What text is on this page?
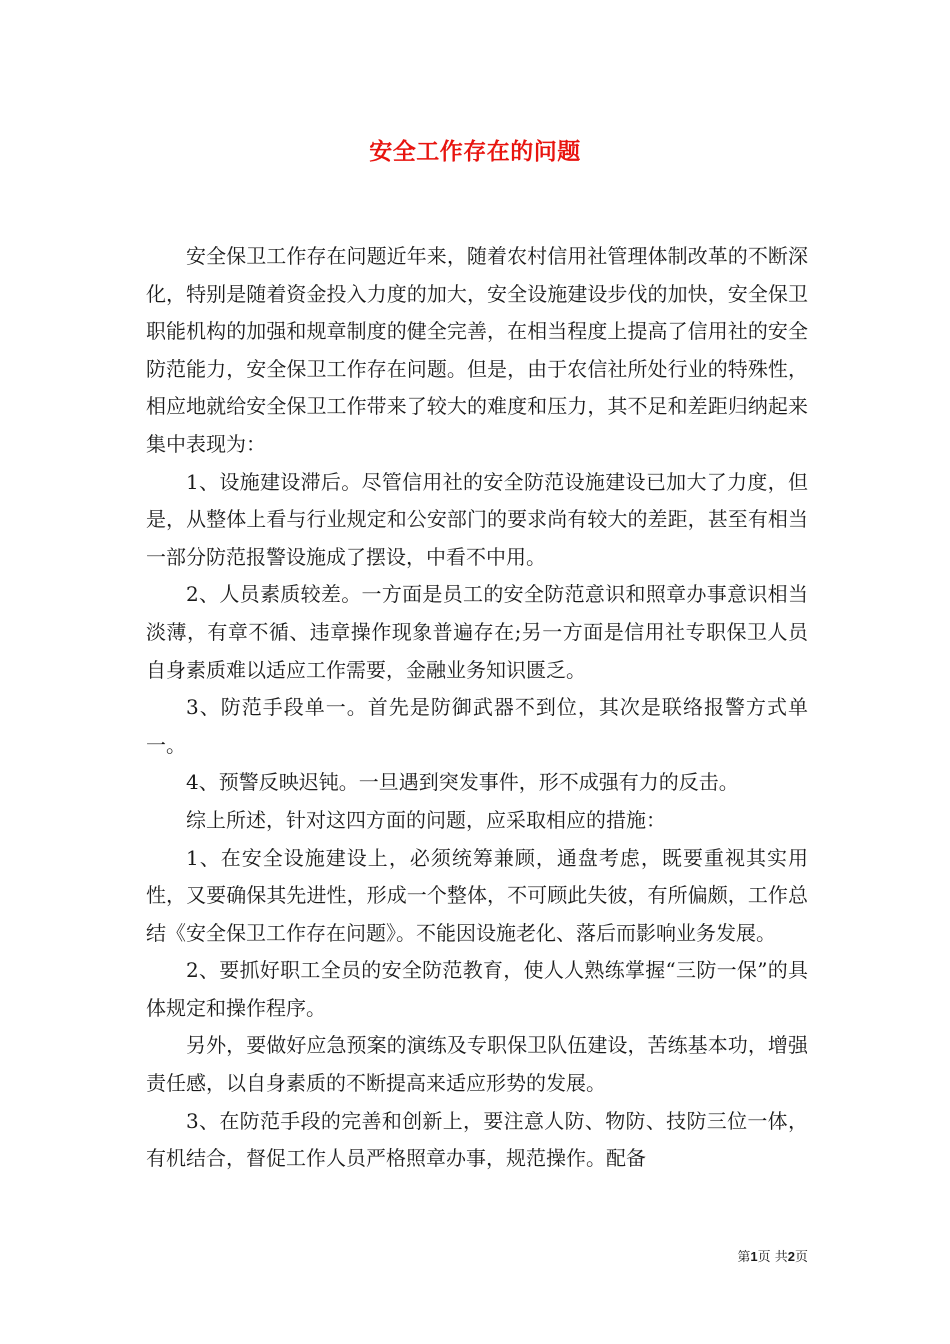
安全工作存在的问题

安全保卫工作存在问题近年来，随着农村信用社管理体制改革的不断深化，特别是随着资金投入力度的加大，安全设施建设步伐的加快，安全保卫职能机构的加强和规章制度的健全完善，在相当程度上提高了信用社的安全防范能力，安全保卫工作存在问题。但是，由于农信社所处行业的特殊性，相应地就给安全保卫工作带来了较大的难度和压力，其不足和差距归纳起来集中表现为：

1、设施建设滞后。尽管信用社的安全防范设施建设已加大了力度，但是，从整体上看与行业规定和公安部门的要求尚有较大的差距，甚至有相当一部分防范报警设施成了摆设，中看不中用。

2、人员素质较差。一方面是员工的安全防范意识和照章办事意识相当淡薄，有章不循、违章操作现象普遍存在;另一方面是信用社专职保卫人员自身素质难以适应工作需要，金融业务知识匮乏。

3、防范手段单一。首先是防御武器不到位，其次是联络报警方式单一。

4、预警反映迟钝。一旦遇到突发事件，形不成强有力的反击。

综上所述，针对这四方面的问题，应采取相应的措施：

1、在安全设施建设上，必须统筹兼顾，通盘考虑，既要重视其实用性，又要确保其先进性，形成一个整体，不可顾此失彼，有所偏颇，工作总结《安全保卫工作存在问题》。不能因设施老化、落后而影响业务发展。

2、要抓好职工全员的安全防范教育，使人人熟练掌握“三防一保”的具体规定和操作程序。

另外，要做好应急预案的演练及专职保卫队伍建设，苦练基本功，增强责任感，以自身素质的不断提高来适应形势的发展。

3、在防范手段的完善和创新上，要注意人防、物防、技防三位一体，有机结合，督促工作人员严格照章办事，规范操作。配备

第1页 共2页
